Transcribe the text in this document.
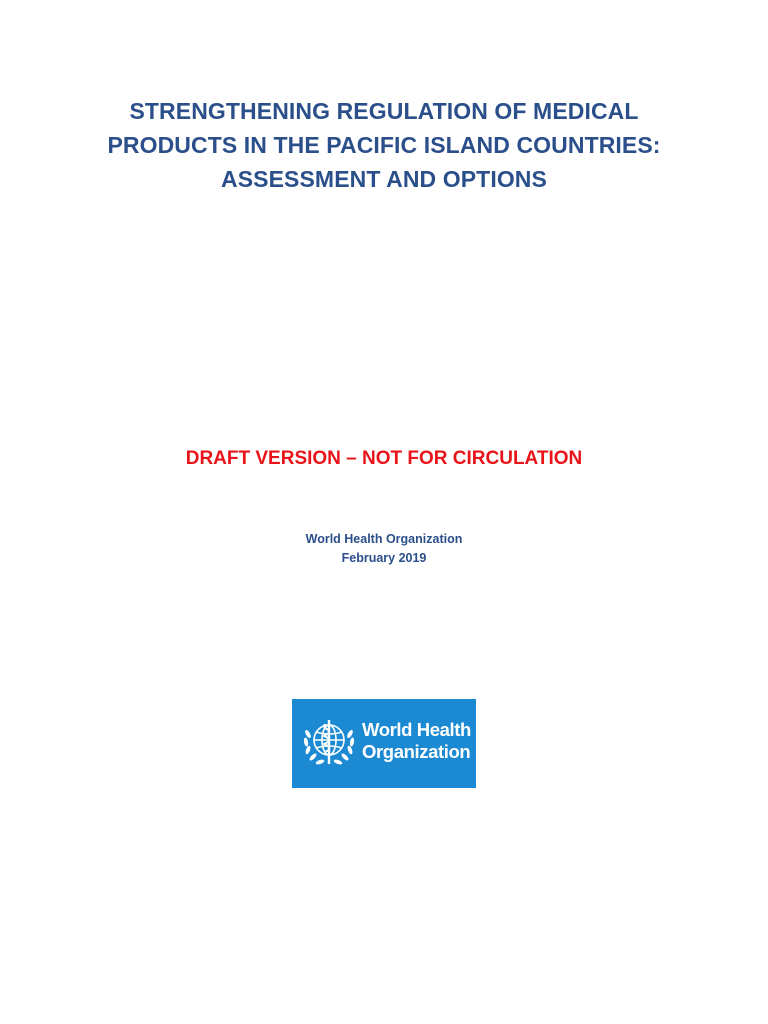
STRENGTHENING REGULATION OF MEDICAL
PRODUCTS IN THE PACIFIC ISLAND COUNTRIES:
ASSESSMENT AND OPTIONS

DRAFT VERSION – NOT FOR CIRCULATION

World Health Organization
February 2019
World Health
Organization
